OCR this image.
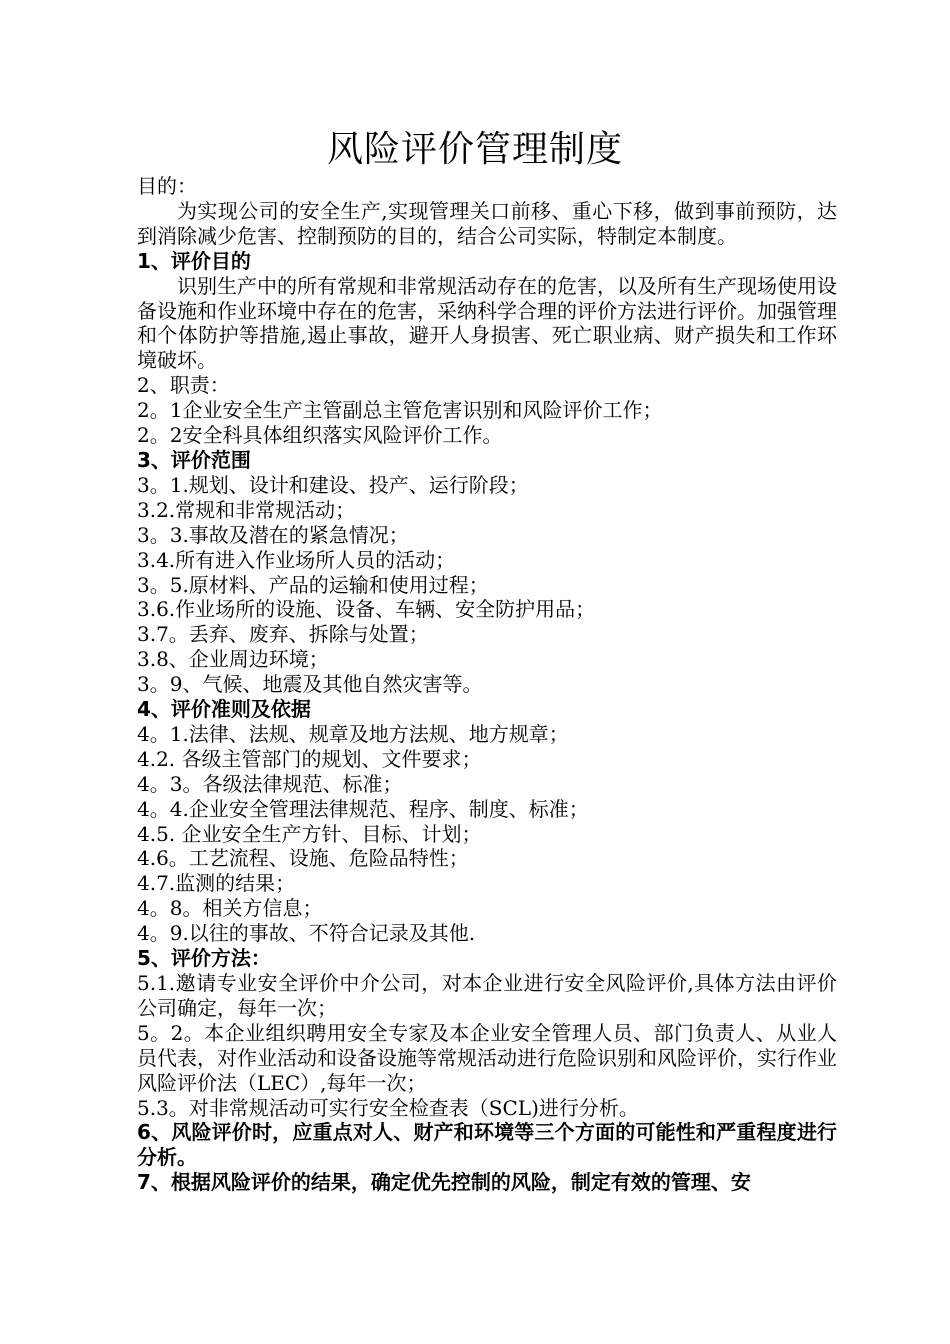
风险评价管理制度

目的：

为实现公司的安全生产,实现管理关口前移、重心下移，做到事前预防，达到消除减少危害、控制预防的目的，结合公司实际，特制定本制度。

1、评价目的

识别生产中的所有常规和非常规活动存在的危害，以及所有生产现场使用设备设施和作业环境中存在的危害，采纳科学合理的评价方法进行评价。加强管理和个体防护等措施,遏止事故，避开人身损害、死亡职业病、财产损失和工作环境破坏。

2、职责：

2。1企业安全生产主管副总主管危害识别和风险评价工作；

2。2安全科具体组织落实风险评价工作。

3、评价范围

3。1.规划、设计和建设、投产、运行阶段；

3.2.常规和非常规活动；

3。3.事故及潜在的紧急情况；

3.4.所有进入作业场所人员的活动；

3。5.原材料、产品的运输和使用过程；

3.6.作业场所的设施、设备、车辆、安全防护用品；

3.7。丢弃、废弃、拆除与处置；

3.8、企业周边环境；

3。9、气候、地震及其他自然灾害等。

4、评价准则及依据

4。1.法律、法规、规章及地方法规、地方规章；

4.2. 各级主管部门的规划、文件要求；

4。3。各级法律规范、标准；

4。4.企业安全管理法律规范、程序、制度、标准；

4.5. 企业安全生产方针、目标、计划；

4.6。工艺流程、设施、危险品特性；

4.7.监测的结果；

4。8。相关方信息；

4。9.以往的事故、不符合记录及其他.

5、评价方法：

5.1.邀请专业安全评价中介公司，对本企业进行安全风险评价,具体方法由评价公司确定，每年一次；

5。2。本企业组织聘用安全专家及本企业安全管理人员、部门负责人、从业人员代表，对作业活动和设备设施等常规活动进行危险识别和风险评价，实行作业风险评价法（LEC）,每年一次；

5.3。对非常规活动可实行安全检查表（SCL)进行分析。

6、风险评价时，应重点对人、财产和环境等三个方面的可能性和严重程度进行分析。

7、根据风险评价的结果，确定优先控制的风险，制定有效的管理、安
